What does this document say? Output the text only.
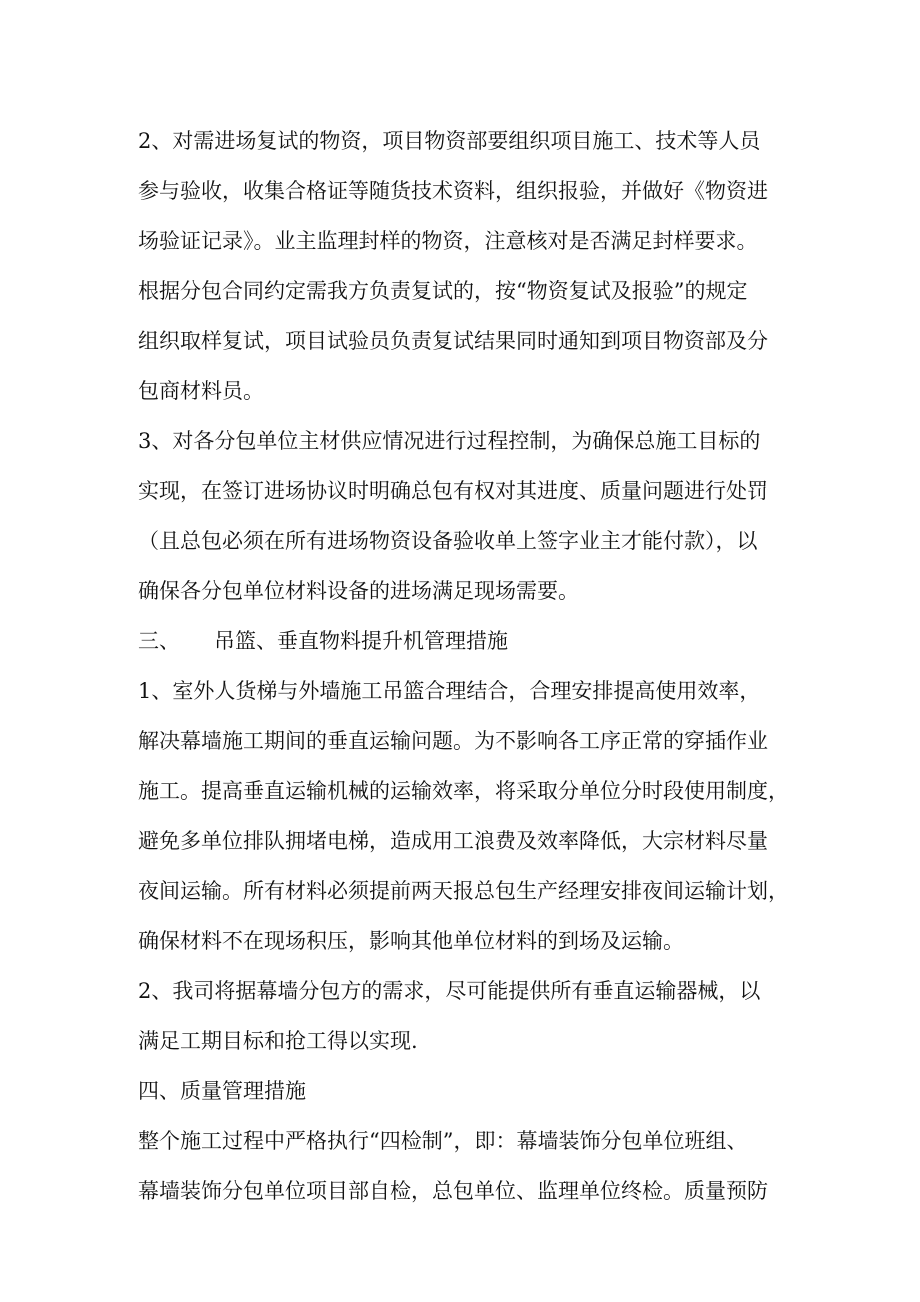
2、对需进场复试的物资，项目物资部要组织项目施工、技术等人员
参与验收，收集合格证等随货技术资料，组织报验，并做好《物资进
场验证记录》。业主监理封样的物资，注意核对是否满足封样要求。
根据分包合同约定需我方负责复试的，按“物资复试及报验”的规定
组织取样复试，项目试验员负责复试结果同时通知到项目物资部及分
包商材料员。
3、对各分包单位主材供应情况进行过程控制，为确保总施工目标的
实现，在签订进场协议时明确总包有权对其进度、质量问题进行处罚
（且总包必须在所有进场物资设备验收单上签字业主才能付款），以
确保各分包单位材料设备的进场满足现场需要。
三、 吊篮、垂直物料提升机管理措施
1、室外人货梯与外墙施工吊篮合理结合，合理安排提高使用效率，
解决幕墙施工期间的垂直运输问题。为不影响各工序正常的穿插作业
施工。提高垂直运输机械的运输效率，将采取分单位分时段使用制度，
避免多单位排队拥堵电梯，造成用工浪费及效率降低，大宗材料尽量
夜间运输。所有材料必须提前两天报总包生产经理安排夜间运输计划，
确保材料不在现场积压，影响其他单位材料的到场及运输。
2、我司将据幕墙分包方的需求，尽可能提供所有垂直运输器械，以
满足工期目标和抢工得以实现.
四、质量管理措施
整个施工过程中严格执行“四检制”，即：幕墙装饰分包单位班组、
幕墙装饰分包单位项目部自检，总包单位、监理单位终检。质量预防
